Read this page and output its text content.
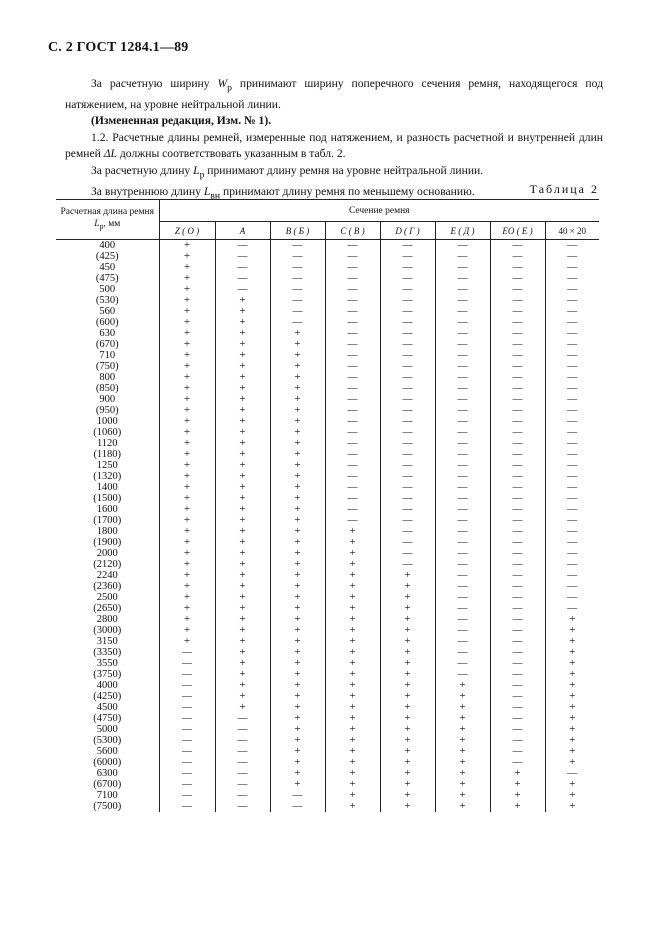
С. 2 ГОСТ 1284.1—89

За расчетную ширину $W_р$ принимают ширину поперечного сечения ремня, находящегося под натяжением, на уровне нейтральной линии.

(Измененная редакция, Изм. № 1).

1.2. Расчетные длины ремней, измеренные под натяжением, и разность расчетной и внутренней длин ремней ΔL должны соответствовать указанным в табл. 2.

За расчетную длину $L_р$ принимают длину ремня на уровне нейтральной линии.

За внутреннюю длину $L_{вн}$ принимают длину ремня по меньшему основанию.	Таблица 2
Расчетная длина ремня $L_р$, мм	Сечение ремня							
	Z ( O )	A	B ( Б )	C ( В )	D ( Г )	E ( Д )	EO ( Е )	40 × 20
400	+	—	—	—	—	—	—	—
(425)	+	—	—	—	—	—	—	—
450	+	—	—	—	—	—	—	—
(475)	+	—	—	—	—	—	—	—
500	+	—	—	—	—	—	—	—
(530)	+	+	—	—	—	—	—	—
560	+	+	—	—	—	—	—	—
(600)	+	+	—	—	—	—	—	—
630	+	+	+	—	—	—	—	—
(670)	+	+	+	—	—	—	—	—
710	+	+	+	—	—	—	—	—
(750)	+	+	+	—	—	—	—	—
800	+	+	+	—	—	—	—	—
(850)	+	+	+	—	—	—	—	—
900	+	+	+	—	—	—	—	—
(950)	+	+	+	—	—	—	—	—
1000	+	+	+	—	—	—	—	—
(1060)	+	+	+	—	—	—	—	—
1120	+	+	+	—	—	—	—	—
(1180)	+	+	+	—	—	—	—	—
1250	+	+	+	—	—	—	—	—
(1320)	+	+	+	—	—	—	—	—
1400	+	+	+	—	—	—	—	—
(1500)	+	+	+	—	—	—	—	—
1600	+	+	+	—	—	—	—	—
(1700)	+	+	+	—	—	—	—	—
1800	+	+	+	+	—	—	—	—
(1900)	+	+	+	+	—	—	—	—
2000	+	+	+	+	—	—	—	—
(2120)	+	+	+	+	—	—	—	—
2240	+	+	+	+	+	—	—	—
(2360)	+	+	+	+	+	—	—	—
2500	+	+	+	+	+	—	—	—
(2650)	+	+	+	+	+	—	—	—
2800	+	+	+	+	+	—	—	+
(3000)	+	+	+	+	+	—	—	+
3150	+	+	+	+	+	—	—	+
(3350)	—	+	+	+	+	—	—	+
3550	—	+	+	+	+	—	—	+
(3750)	—	+	+	+	+	—	—	+
4000	—	+	+	+	+	+	—	+
(4250)	—	+	+	+	+	+	—	+
4500	—	+	+	+	+	+	—	+
(4750)	—	—	+	+	+	+	—	+
5000	—	—	+	+	+	+	—	+
(5300)	—	—	+	+	+	+	—	+
5600	—	—	+	+	+	+	—	+
(6000)	—	—	+	+	+	+	—	+
6300	—	—	+	+	+	+	+	—
(6700)	—	—	+	+	+	+	+	+
7100	—	—	—	+	+	+	+	+
(7500)	—	—	—	+	+	+	+	+
